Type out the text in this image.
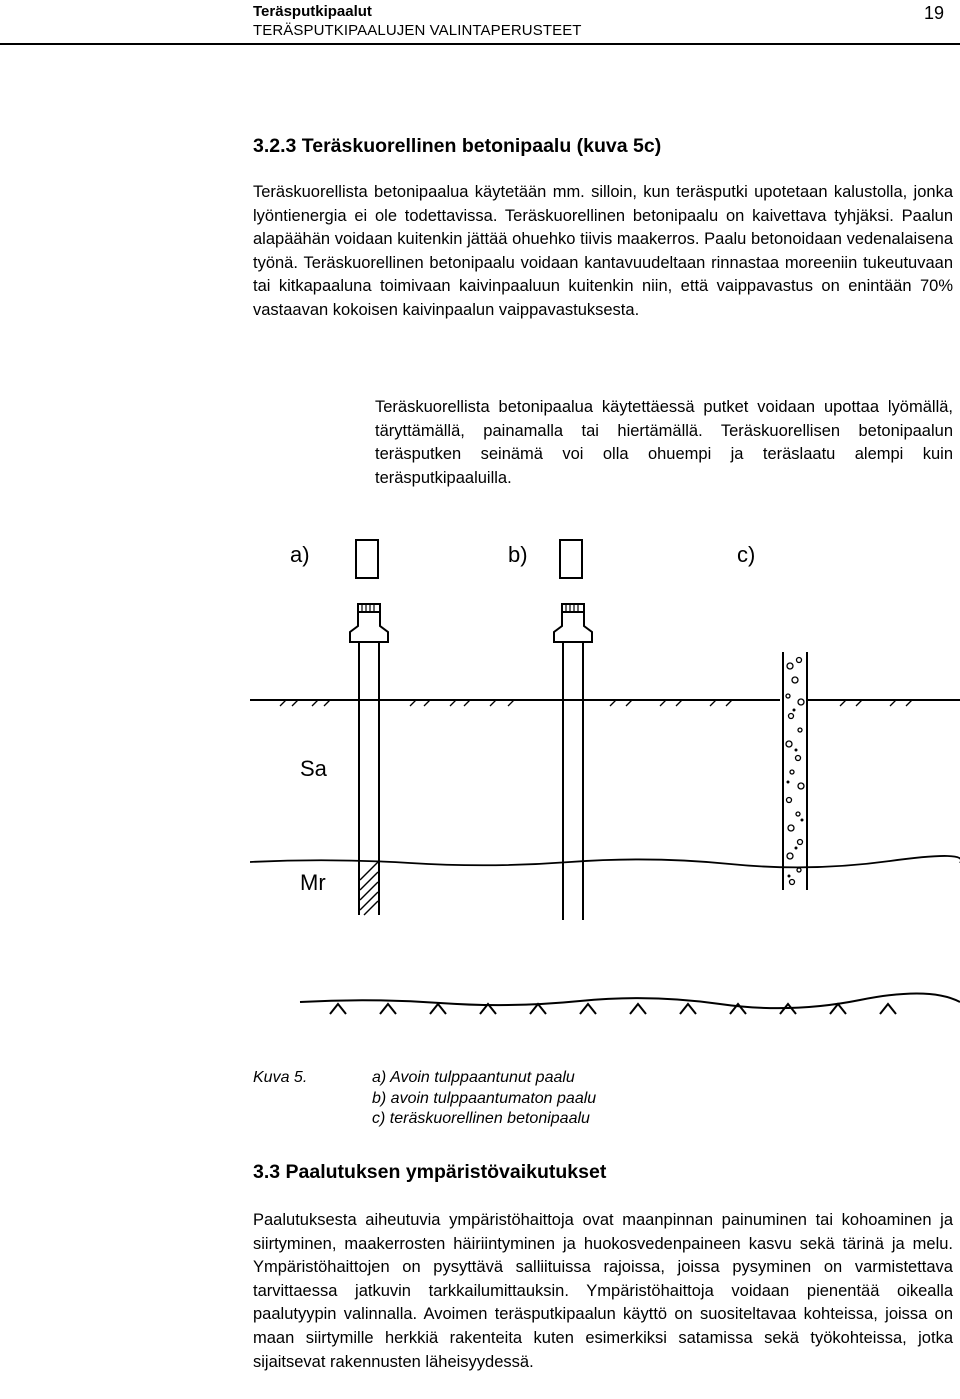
Teräsputkipaalut
TERÄSPUTKIPAALUJEN VALINTAPERUSTEET
19
3.2.3 Teräskuorellinen betonipaalu (kuva 5c)

Teräskuorellista betonipaalua käytetään mm. silloin, kun teräsputki upotetaan kalustolla, jonka lyöntienergia ei ole todettavissa. Teräskuorellinen betonipaalu on kaivettava tyhjäksi. Paalun alapäähän voidaan kuitenkin jättää ohuehko tiivis maakerros. Paalu betonoidaan vedenalaisena työnä. Teräskuorellinen betonipaalu voidaan kantavuudeltaan rinnastaa moreeniin tukeutuvaan tai kitkapaaluna toimivaan kaivinpaaluun kuitenkin niin, että vaippavastus on enintään 70% vastaavan kokoisen kaivinpaalun vaippavastuksesta.

Teräskuorellista betonipaalua käytettäessä putket voidaan upottaa lyömällä, täryttämällä, painamalla tai hiertämällä. Teräskuorellisen betonipaalun teräsputken seinämä voi olla ohuempi ja teräslaatu alempi kuin teräsputkipaaluilla.

a)	b)	c)
Sa
Mr
Kuva 5.	a) Avoin tulppaantunut paalu
b) avoin tulppaantumaton paalu
c) teräskuorellinen betonipaalu
3.3 Paalutuksen ympäristövaikutukset

Paalutuksesta aiheutuvia ympäristöhaittoja ovat maanpinnan painuminen tai kohoaminen ja siirtyminen, maakerrosten häiriintyminen ja huokosvedenpaineen kasvu sekä tärinä ja melu. Ympäristöhaittojen on pysyttävä salliituissa rajoissa, joissa pysyminen on varmistettava tarvittaessa jatkuvin tarkkailumittauksin. Ympäristöhaittoja voidaan pienentää oikealla paalutyypin valinnalla. Avoimen teräsputkipaalun käyttö on suositeltavaa kohteissa, joissa on maan siirtymille herkkiä rakenteita kuten esimerkiksi satamissa sekä työkohteissa, jotka sijaitsevat rakennusten läheisyydessä.
